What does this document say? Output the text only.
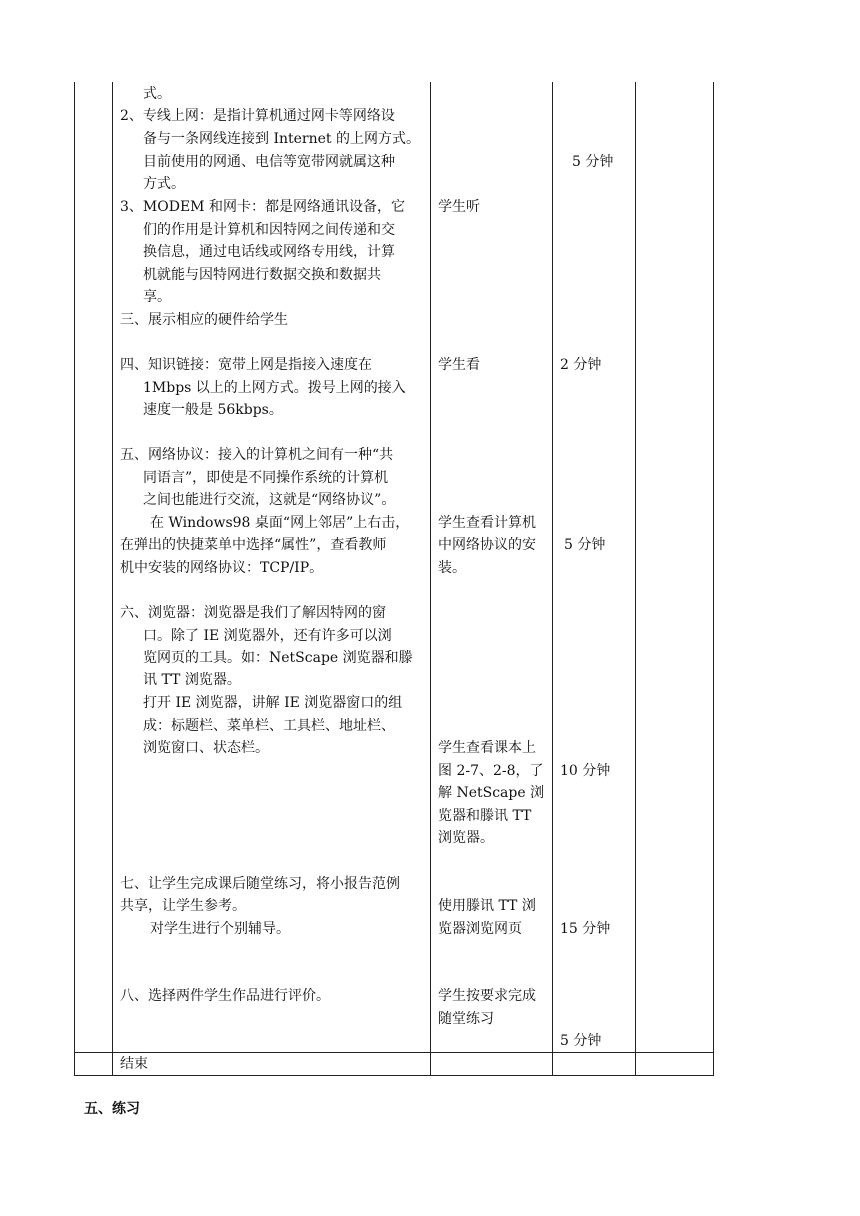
式。
2、专线上网：是指计算机通过网卡等网络设
备与一条网线连接到 Internet 的上网方式。
目前使用的网通、电信等宽带网就属这种
方式。
3、MODEM 和网卡：都是网络通讯设备，它
们的作用是计算机和因特网之间传递和交
换信息，通过电话线或网络专用线，计算
机就能与因特网进行数据交换和数据共
享。
三、展示相应的硬件给学生
四、知识链接：宽带上网是指接入速度在
1Mbps 以上的上网方式。拨号上网的接入
速度一般是 56kbps。
五、网络协议：接入的计算机之间有一种“共
同语言”，即使是不同操作系统的计算机
之间也能进行交流，这就是“网络协议”。
在 Windows98 桌面“网上邻居”上右击，
在弹出的快捷菜单中选择“属性”，查看教师
机中安装的网络协议：TCP/IP。
六、浏览器：浏览器是我们了解因特网的窗
口。除了 IE 浏览器外，还有许多可以浏
览网页的工具。如：NetScape 浏览器和滕
讯 TT 浏览器。
打开 IE 浏览器，讲解 IE 浏览器窗口的组
成：标题栏、菜单栏、工具栏、地址栏、
浏览窗口、状态栏。
七、让学生完成课后随堂练习，将小报告范例
共享，让学生参考。
对学生进行个别辅导。
八、选择两件学生作品进行评价。
学生听
学生看
学生查看计算机
中网络协议的安
装。
学生查看课本上
图 2-7、2-8，了
解 NetScape 浏
览器和滕讯 TT
浏览器。
使用滕讯 TT 浏
览器浏览网页
学生按要求完成
随堂练习
5 分钟
2 分钟
5 分钟
10 分钟
15 分钟
5 分钟
结束
五、练习
